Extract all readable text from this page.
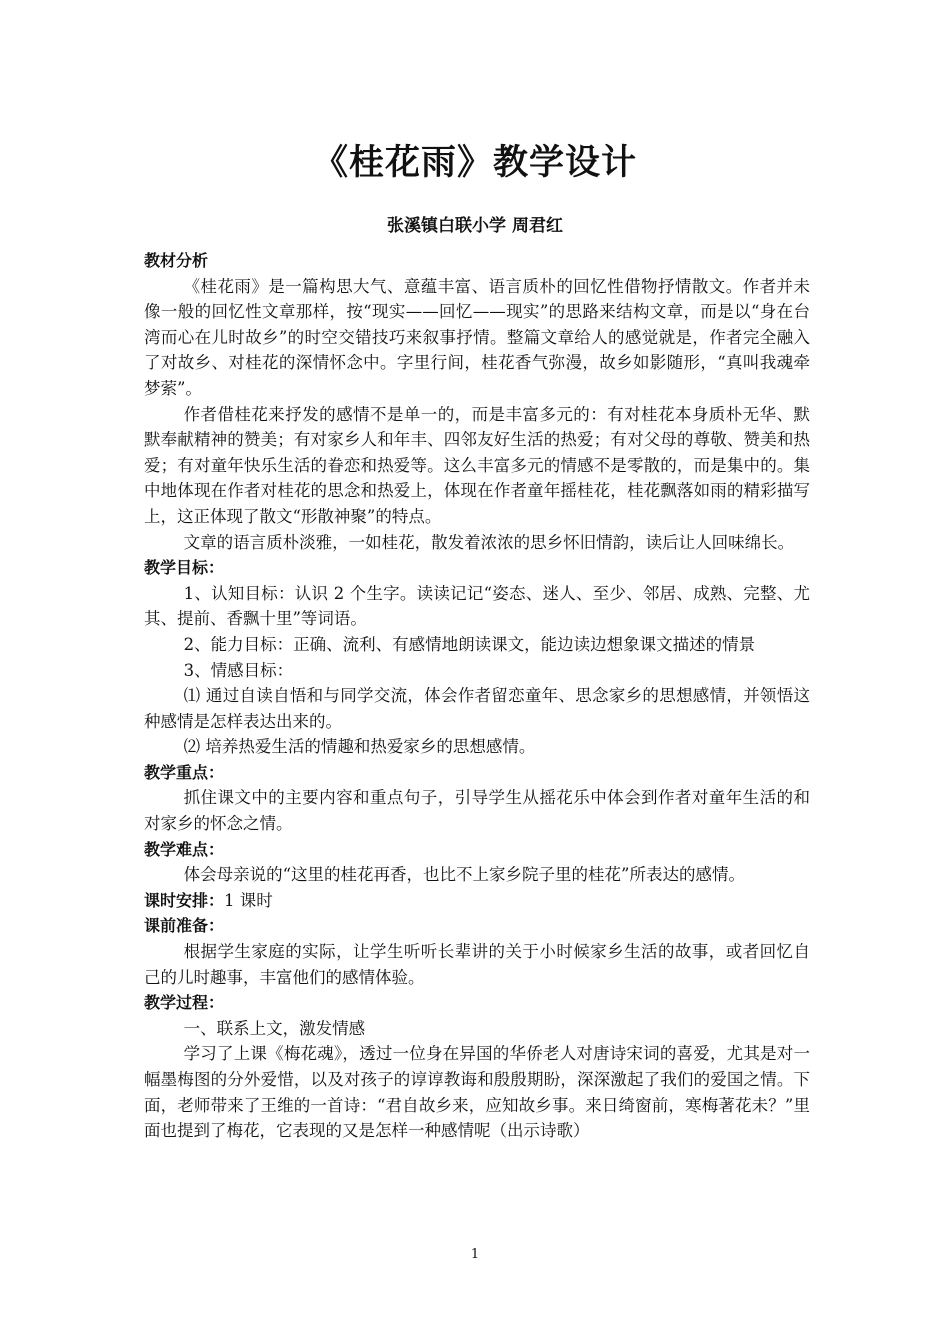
《桂花雨》教学设计
张溪镇白联小学 周君红
教材分析

《桂花雨》是一篇构思大气、意蕴丰富、语言质朴的回忆性借物抒情散文。作者并未像一般的回忆性文章那样，按“现实——回忆——现实”的思路来结构文章，而是以“身在台湾而心在儿时故乡”的时空交错技巧来叙事抒情。整篇文章给人的感觉就是，作者完全融入了对故乡、对桂花的深情怀念中。字里行间，桂花香气弥漫，故乡如影随形，“真叫我魂牵梦萦”。

作者借桂花来抒发的感情不是单一的，而是丰富多元的：有对桂花本身质朴无华、默默奉献精神的赞美；有对家乡人和年丰、四邻友好生活的热爱；有对父母的尊敬、赞美和热爱；有对童年快乐生活的眷恋和热爱等。这么丰富多元的情感不是零散的，而是集中的。集中地体现在作者对桂花的思念和热爱上，体现在作者童年摇桂花，桂花飘落如雨的精彩描写上，这正体现了散文“形散神聚”的特点。

文章的语言质朴淡雅，一如桂花，散发着浓浓的思乡怀旧情韵，读后让人回味绵长。

教学目标：

1、认知目标：认识 2 个生字。读读记记“姿态、迷人、至少、邻居、成熟、完整、尤其、提前、香飘十里”等词语。

2、能力目标：正确、流利、有感情地朗读课文，能边读边想象课文描述的情景

3、情感目标：

⑴ 通过自读自悟和与同学交流，体会作者留恋童年、思念家乡的思想感情，并领悟这种感情是怎样表达出来的。

⑵ 培养热爱生活的情趣和热爱家乡的思想感情。

教学重点：

抓住课文中的主要内容和重点句子，引导学生从摇花乐中体会到作者对童年生活的和对家乡的怀念之情。

教学难点：

体会母亲说的“这里的桂花再香，也比不上家乡院子里的桂花”所表达的感情。

课时安排：1 课时

课前准备：

根据学生家庭的实际，让学生听听长辈讲的关于小时候家乡生活的故事，或者回忆自己的儿时趣事，丰富他们的感情体验。

教学过程：

一、联系上文，激发情感

学习了上课《梅花魂》，透过一位身在异国的华侨老人对唐诗宋词的喜爱，尤其是对一幅墨梅图的分外爱惜，以及对孩子的谆谆教诲和殷殷期盼，深深激起了我们的爱国之情。下面，老师带来了王维的一首诗：“君自故乡来，应知故乡事。来日绮窗前，寒梅著花未？”里面也提到了梅花，它表现的又是怎样一种感情呢（出示诗歌）

1
